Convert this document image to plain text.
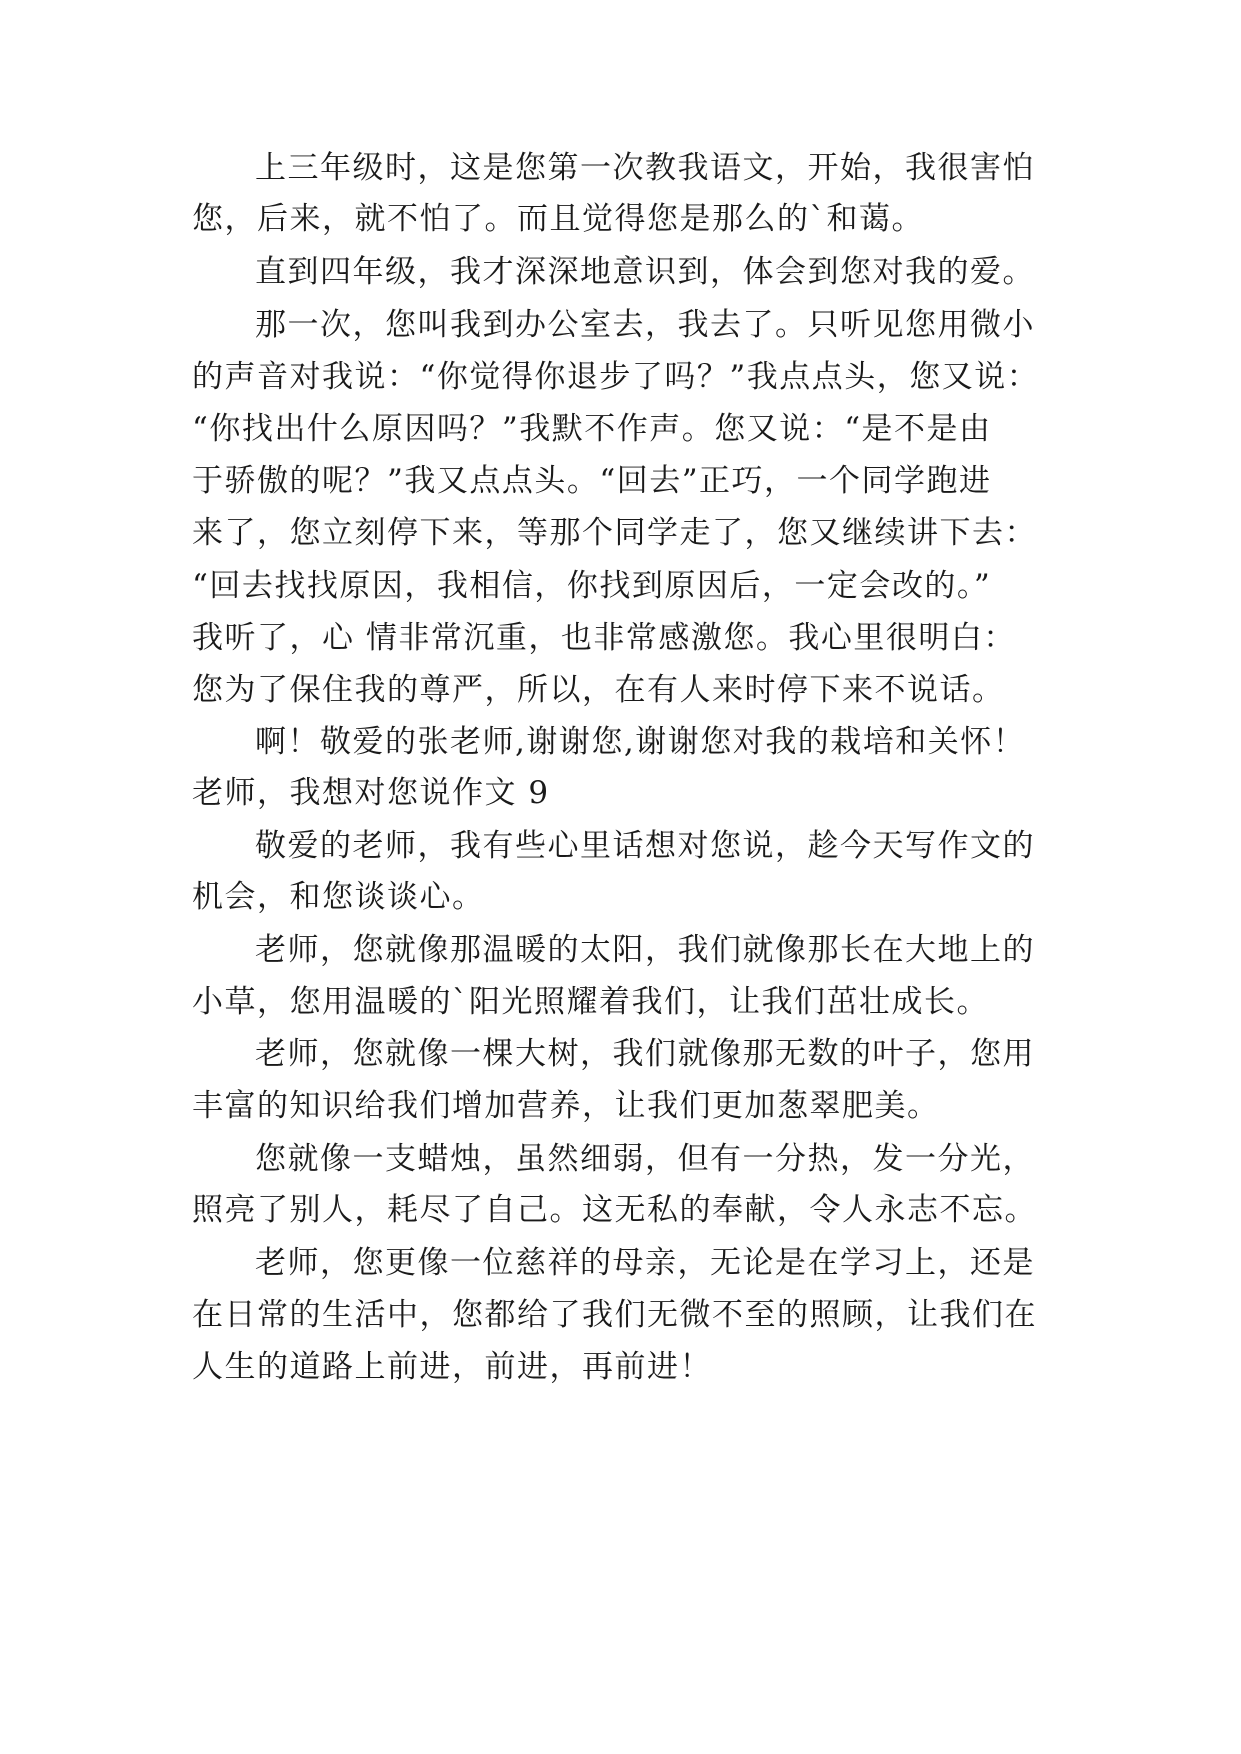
上三年级时，这是您第一次教我语文，开始，我很害怕
您，后来，就不怕了。而且觉得您是那么的`和蔼。
直到四年级，我才深深地意识到，体会到您对我的爱。
那一次，您叫我到办公室去，我去了。只听见您用微小
的声音对我说：“你觉得你退步了吗？”我点点头，您又说：
“你找出什么原因吗？”我默不作声。您又说：“是不是由
于骄傲的呢？”我又点点头。“回去”正巧，一个同学跑进
来了，您立刻停下来，等那个同学走了，您又继续讲下去：
“回去找找原因，我相信，你找到原因后，一定会改的。”
我听了，心 情非常沉重，也非常感激您。我心里很明白：
您为了保住我的尊严，所以，在有人来时停下来不说话。
啊！敬爱的张老师,谢谢您,谢谢您对我的栽培和关怀！
老师，我想对您说作文 9
敬爱的老师，我有些心里话想对您说，趁今天写作文的
机会，和您谈谈心。
老师，您就像那温暖的太阳，我们就像那长在大地上的
小草，您用温暖的`阳光照耀着我们，让我们茁壮成长。
老师，您就像一棵大树，我们就像那无数的叶子，您用
丰富的知识给我们增加营养，让我们更加葱翠肥美。
您就像一支蜡烛，虽然细弱，但有一分热，发一分光，
照亮了别人，耗尽了自己。这无私的奉献，令人永志不忘。
老师，您更像一位慈祥的母亲，无论是在学习上，还是
在日常的生活中，您都给了我们无微不至的照顾，让我们在
人生的道路上前进，前进，再前进！
